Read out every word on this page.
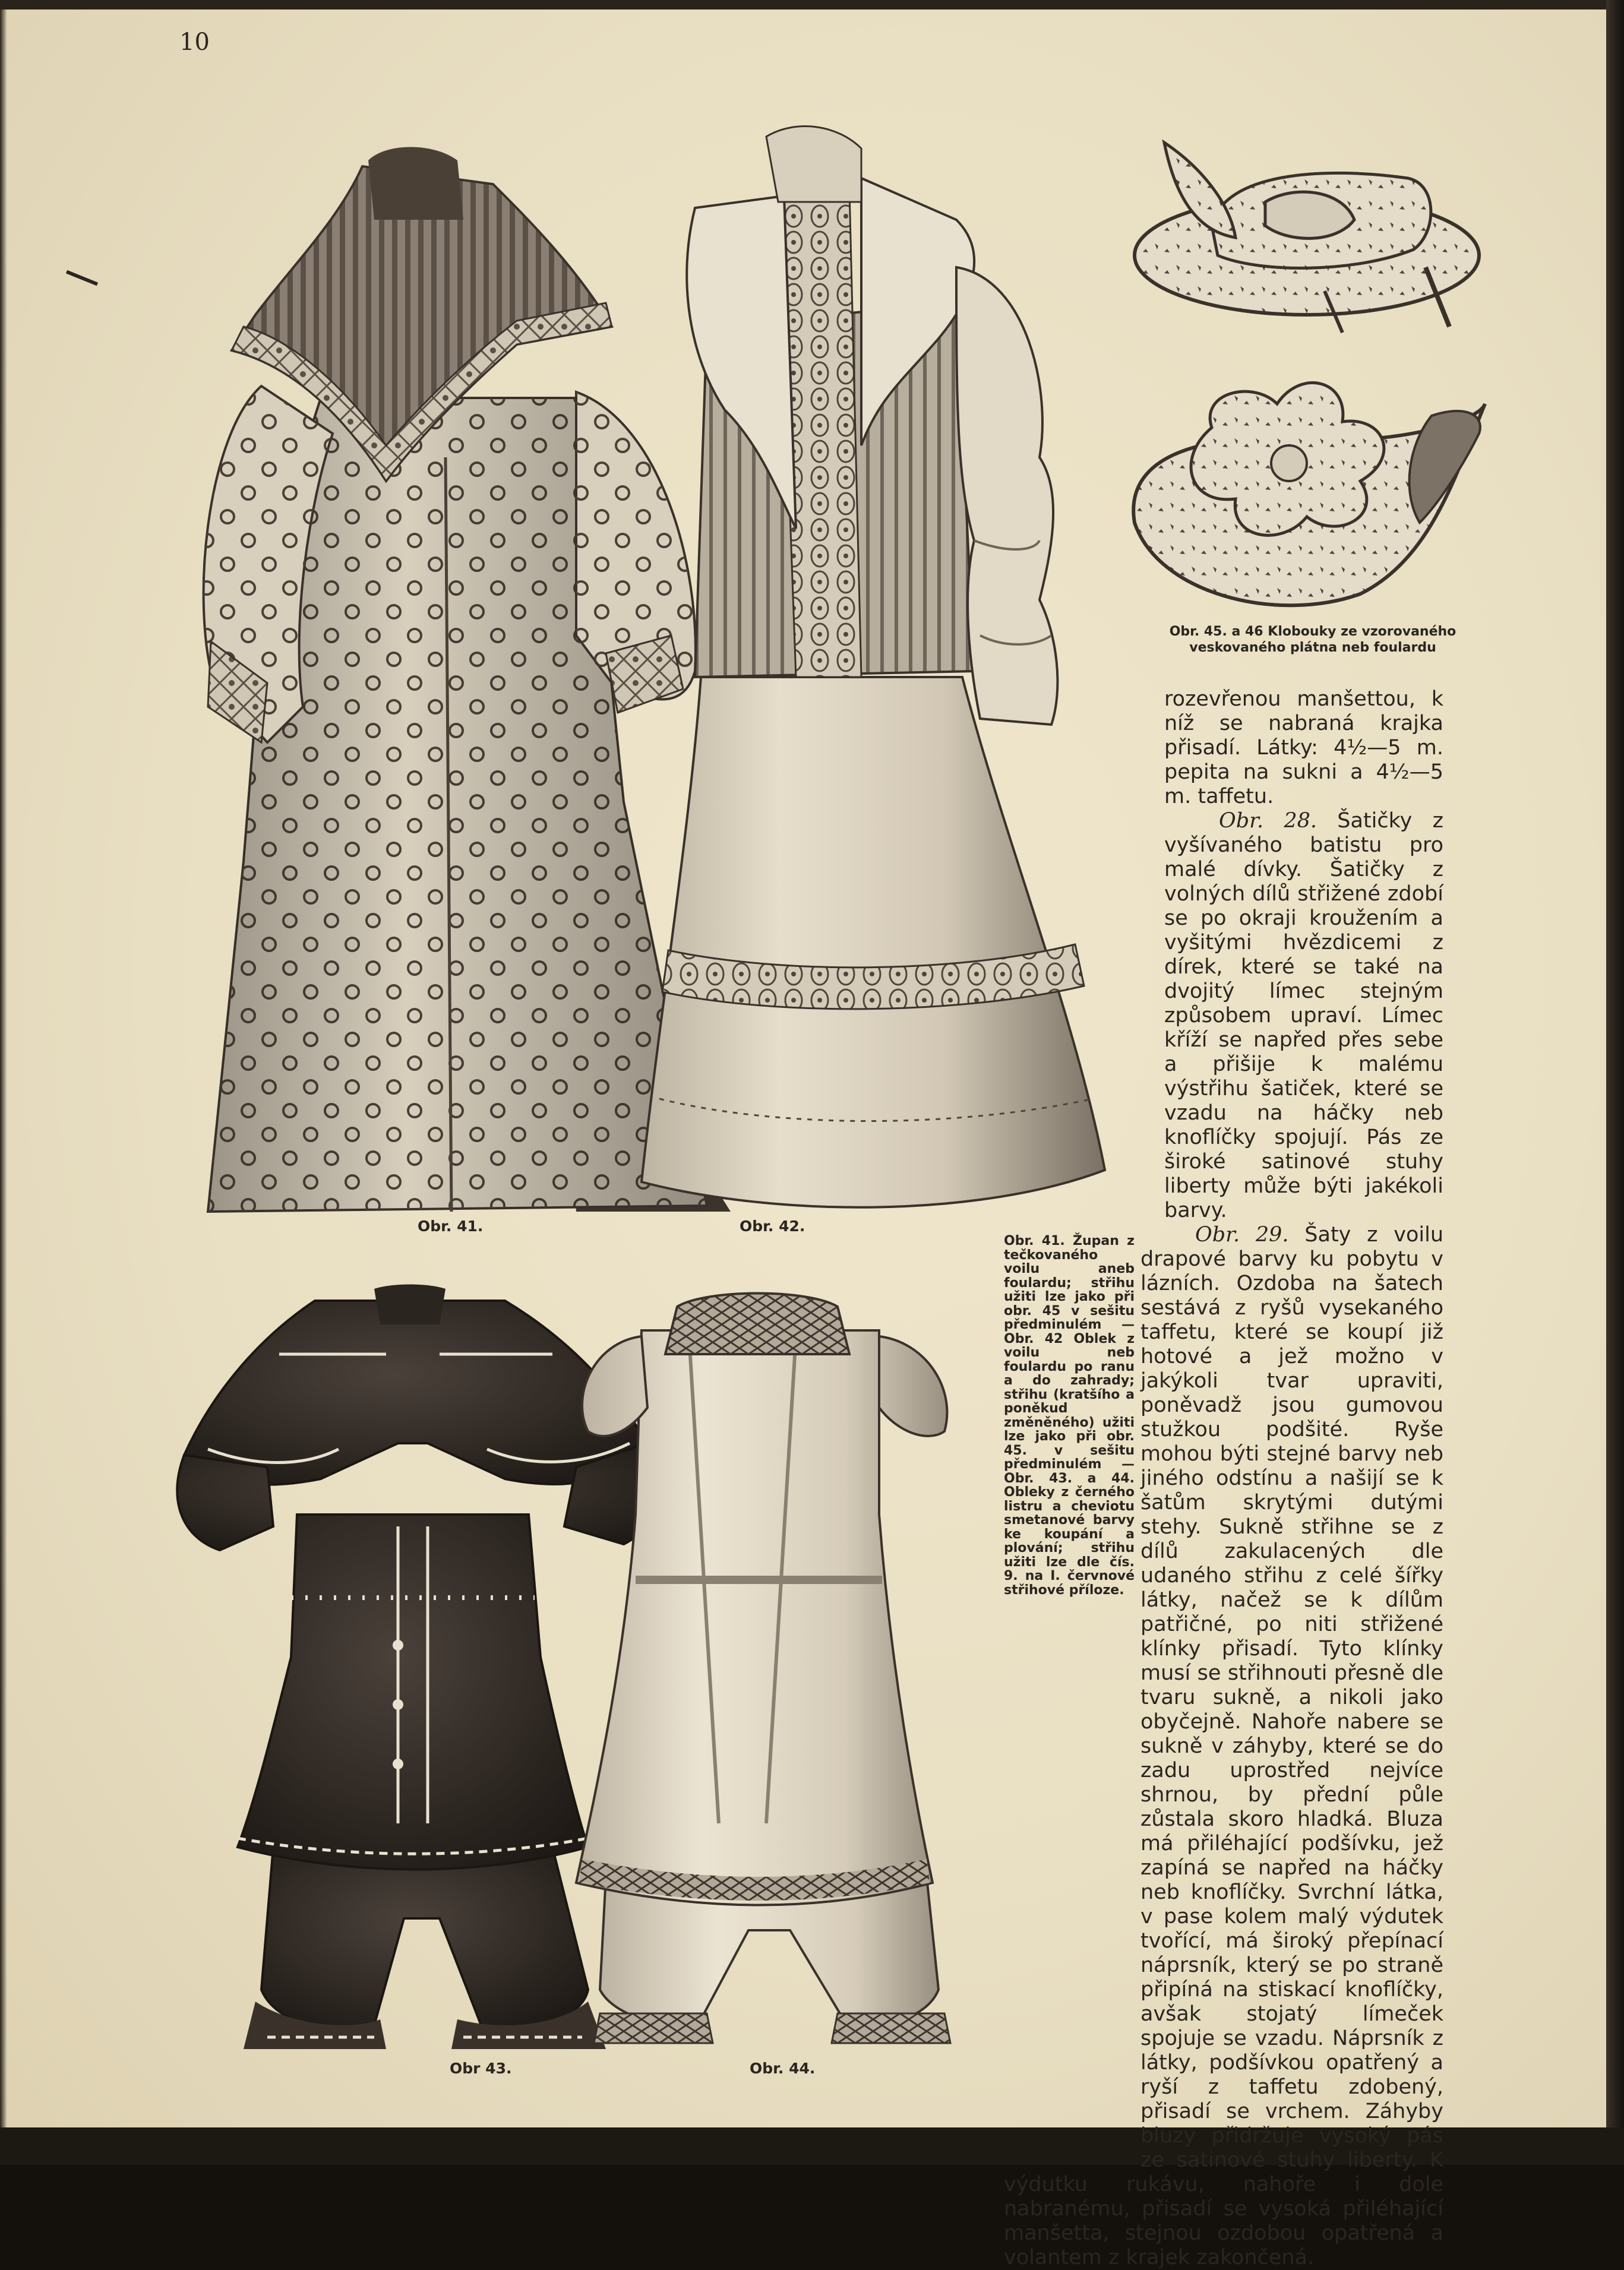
10
Obr. 41.	Obr. 42.
Obr. 45. a 46 Klobouky ze vzorovaného veskovaného plátna neb foulardu
Obr 43.	Obr. 44.
Obr. 41. Župan z tečkovaného voilu aneb foulardu; střihu užiti lze jako při obr. 45 v sešitu předminulém — Obr. 42 Oblek z voilu neb foulardu po ranu a do zahrady; střihu (kratšího a poněkud změněného) užiti lze jako při obr. 45. v sešitu předminulém — Obr. 43. a 44. Obleky z černého listru a cheviotu smetanové barvy ke koupání a plování; střihu užiti lze dle čís. 9. na I. červnové střihové příloze.

rozevřenou manšettou, k níž se nabraná krajka přisadí. Látky: 4½—5 m. pepita na sukni a 4½—5 m. taffetu.

Obr. 28. Šatičky z vyšívaného batistu pro malé dívky. Šatičky z volných dílů střižené zdobí se po okraji kroužením a vyšitými hvězdicemi z dírek, které se také na dvojitý límec stejným způsobem upraví. Límec kříží se napřed přes sebe a přišije k malému výstřihu šatiček, které se vzadu na háčky neb knoflíčky spojují. Pás ze široké satinové stuhy liberty může býti jakékoli barvy.

Obr. 29. Šaty z voilu drapové barvy ku pobytu v lázních. Ozdoba na šatech sestává z ryšů vysekaného taffetu, které se koupí již hotové a jež možno v jakýkoli tvar upraviti, poněvadž jsou gumovou stužkou podšité. Ryše mohou býti stejné barvy neb jiného odstínu a našijí se k šatům skrytými dutými stehy. Sukně střihne se z dílů zakulacených dle udaného střihu z celé šířky látky, načež se k dílům patřičné, po niti střižené klínky přisadí. Tyto klínky musí se střihnouti přesně dle tvaru sukně, a nikoli jako obyčejně. Nahoře nabere se sukně v záhyby, které se do zadu uprostřed nejvíce shrnou, by přední půle zůstala skoro hladká. Bluza má přiléhající podšívku, jež zapíná se napřed na háčky neb knoflíčky. Svrchní látka, v pase kolem malý výdutek tvořící, má široký přepínací náprsník, který se po straně připíná na stiskací knoflíčky, avšak stojatý límeček spojuje se vzadu. Náprsník z látky, podšívkou opatřený a ryší z taffetu zdobený, přisadí se vrchem. Záhyby bluzy přidržuje vysoký pás ze satinové stuhy liberty. K výdutku rukávu, nahoře i dole nabranému, přisadí se vysoká přiléhající manšetta, stejnou ozdobou opatřená a volantem z krajek zakončená.
